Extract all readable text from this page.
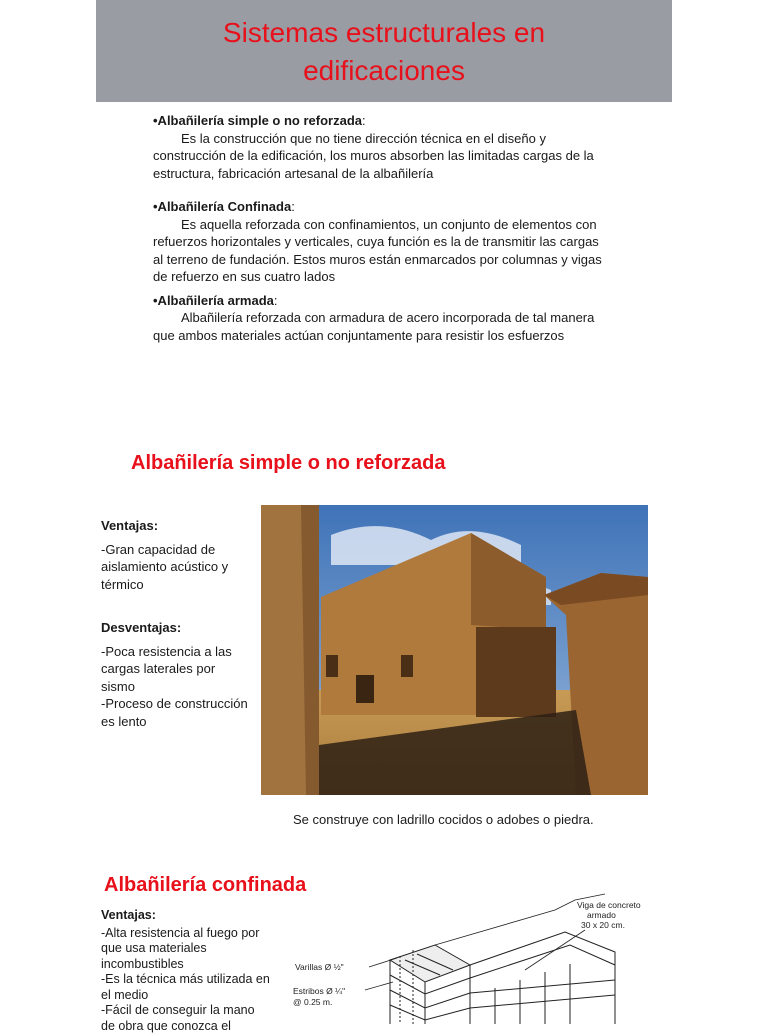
Sistemas estructurales en
edificaciones
•Albañilería simple o no reforzada:
Es la construcción que no tiene dirección técnica en el diseño y construcción de la edificación, los muros absorben las limitadas cargas de la estructura, fabricación artesanal de la albañilería
•Albañilería Confinada:
Es aquella reforzada con confinamientos, un conjunto de elementos con refuerzos horizontales y verticales, cuya función es la de transmitir las cargas al terreno de fundación. Estos muros están enmarcados por columnas y vigas de refuerzo en sus cuatro lados
•Albañilería armada:
Albañilería reforzada con armadura de acero incorporada de tal manera que ambos materiales actúan conjuntamente para resistir los esfuerzos
Albañilería simple o no reforzada
Ventajas:
-Gran capacidad de aislamiento acústico y térmico
Desventajas:
-Poca resistencia a las cargas laterales por sismo
-Proceso de construcción es lento
Se construye con ladrillo cocidos o adobes o piedra.
Albañilería confinada
Ventajas:
-Alta resistencia al fuego por que usa materiales incombustibles
-Es la técnica más utilizada en el medio
-Fácil de conseguir la mano de obra que conozca el
Viga de concreto
armado
30 x 20 cm.
Varillas Ø ½"
Estribos Ø ¼"
@ 0.25 m.
